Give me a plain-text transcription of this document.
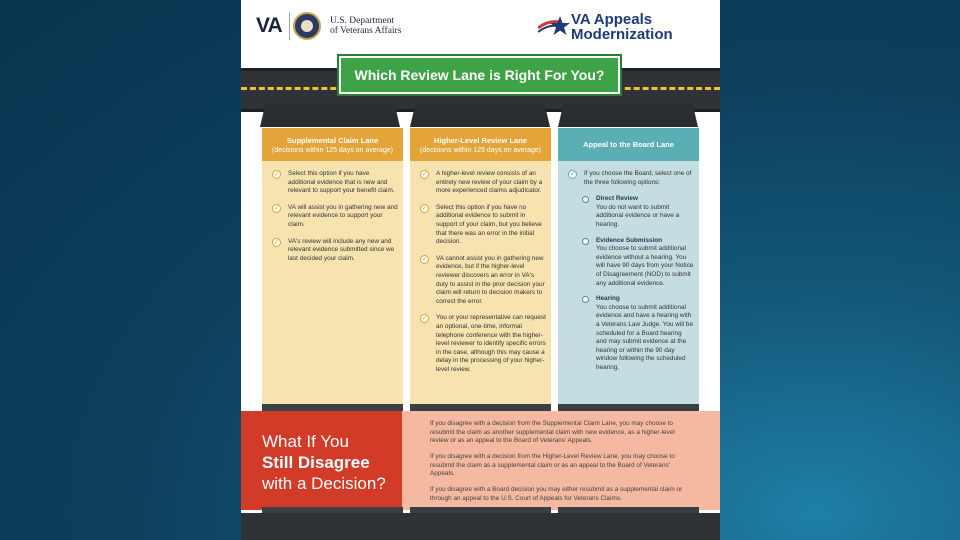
VA	U.S. Department
of Veterans Affairs
VA Appeals
Modernization
Which Review Lane is Right For You?
Supplemental Claim Lane
(decisions within 125 days on average)
✓ Select this option if you have additional evidence that is new and relevant to support your benefit claim.
✓ VA will assist you in gathering new and relevant evidence to support your claim.
✓ VA's review will include any new and relevant evidence submitted since we last decided your claim.
Higher-Level Review Lane
(decisions within 125 days on average)
✓ A higher-level review consists of an entirely new review of your claim by a more experienced claims adjudicator.
✓ Select this option if you have no additional evidence to submit in support of your claim, but you believe that there was an error in the initial decision.
✓ VA cannot assist you in gathering new evidence, but if the higher-level reviewer discovers an error in VA's duty to assist in the prior decision your claim will return to decision makers to correct the error.
✓ You or your representative can request an optional, one-time, informal telephone conference with the higher-level reviewer to identify specific errors in the case, although this may cause a delay in the processing of your higher-level review.
Appeal to the Board Lane
✓ If you choose the Board, select one of the three following options:
Direct Review
You do not want to submit additional evidence or have a hearing.
Evidence Submission
You choose to submit additional evidence without a hearing. You will have 90 days from your Notice of Disagreement (NOD) to submit any additional evidence.
Hearing
You choose to submit additional evidence and have a hearing with a Veterans Law Judge. You will be scheduled for a Board hearing and may submit evidence at the hearing or within the 90 day window following the scheduled hearing.
What If You
Still Disagree
with a Decision?
If you disagree with a decision from the Supplemental Claim Lane, you may choose to resubmit the claim as another supplemental claim with new evidence, as a higher-level review or as an appeal to the Board of Veterans' Appeals.
If you disagree with a decision from the Higher-Level Review Lane, you may choose to resubmit the claim as a supplemental claim or as an appeal to the Board of Veterans' Appeals.
If you disagree with a Board decision you may either resubmit as a supplemental claim or through an appeal to the U.S. Court of Appeals for Veterans Claims.
